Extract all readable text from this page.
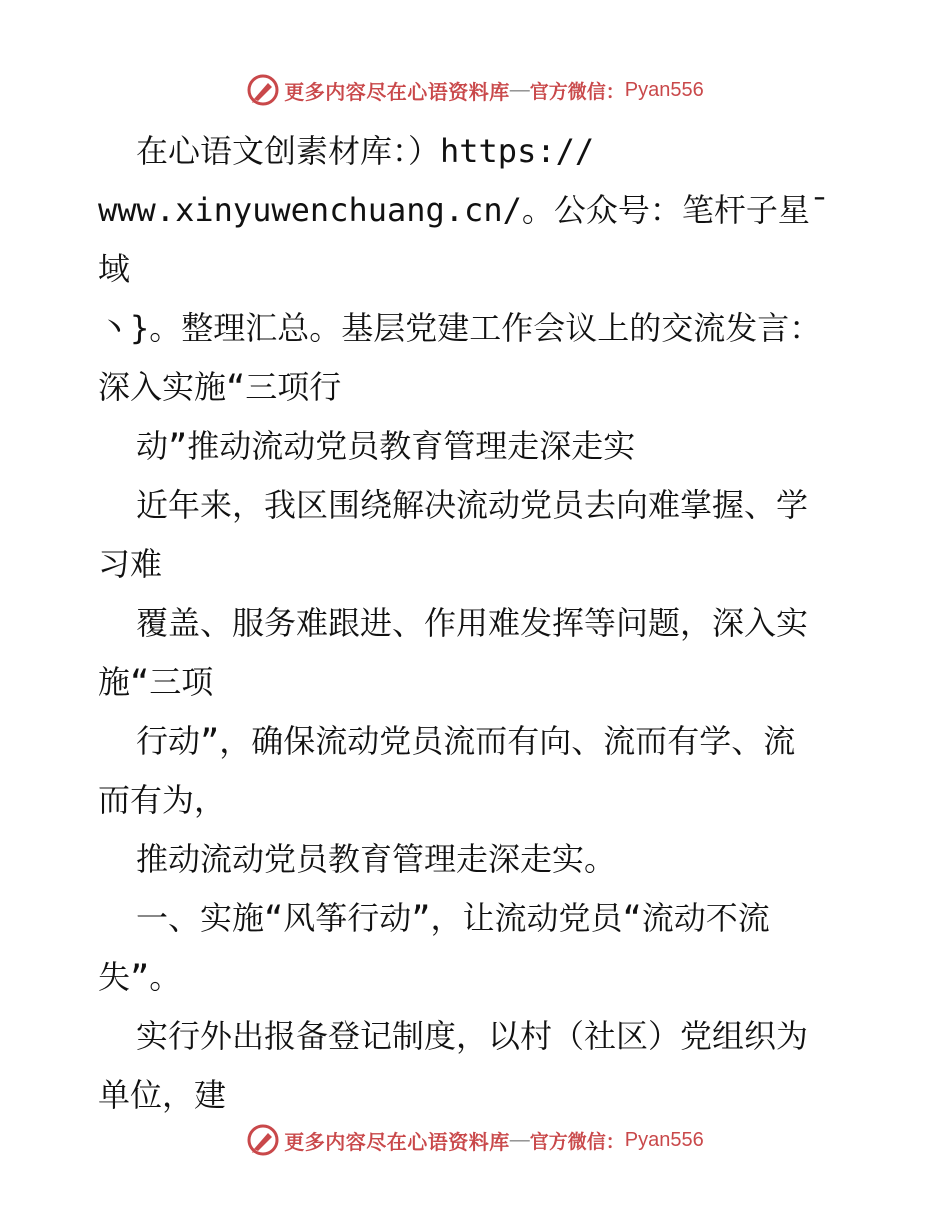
更多内容尽在心语资料库 — 官方微信： Pyan556

在心语文创素材库：）https://

www.xinyuwenchuang.cn/。公众号：笔杆子星¯域

丶}。整理汇总。基层党建工作会议上的交流发言：

深入实施“三项行

动”推动流动党员教育管理走深走实

近年来，我区围绕解决流动党员去向难掌握、学

习难

覆盖、服务难跟进、作用难发挥等问题，深入实

施“三项

行动”，确保流动党员流而有向、流而有学、流

而有为，

推动流动党员教育管理走深走实。

一、实施“风筝行动”，让流动党员“流动不流

失”。

实行外出报备登记制度，以村（社区）党组织为

单位，建

更多内容尽在心语资料库 — 官方微信： Pyan556
